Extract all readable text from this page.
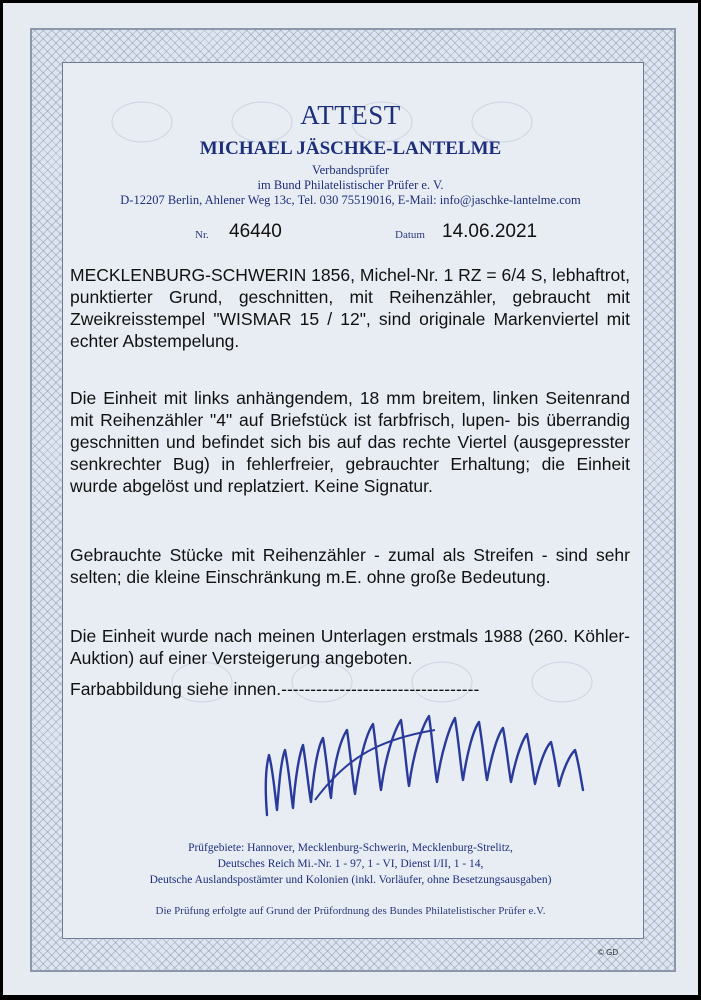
ATTEST
MICHAEL JÄSCHKE-LANTELME
Verbandsprüfer
im Bund Philatelistischer Prüfer e. V.
D-12207 Berlin, Ahlener Weg 13c, Tel. 030 75519016, E-Mail: info@jaschke-lantelme.com
Nr. 46440	Datum 14.06.2021

MECKLENBURG-SCHWERIN 1856, Michel-Nr. 1 RZ = 6/4 S, lebhaftrot, punktierter Grund, geschnitten, mit Reihenzähler, gebraucht mit Zweikreisstempel "WISMAR 15 / 12", sind originale Markenviertel mit echter Abstempelung.

Die Einheit mit links anhängendem, 18 mm breitem, linken Seitenrand mit Reihenzähler "4" auf Briefstück ist farbfrisch, lupen- bis überrandig geschnitten und befindet sich bis auf das rechte Viertel (ausgepresster senkrechter Bug) in fehlerfreier, gebrauchter Erhaltung; die Einheit wurde abgelöst und replatziert. Keine Signatur.

Gebrauchte Stücke mit Reihenzähler - zumal als Streifen - sind sehr selten; die kleine Einschränkung m.E. ohne große Bedeutung.

Die Einheit wurde nach meinen Unterlagen erstmals 1988 (260. Köhler-Auktion) auf einer Versteigerung angeboten.

Farbabbildung siehe innen.----------------------------------

Prüfgebiete: Hannover, Mecklenburg-Schwerin, Mecklenburg-Strelitz,
Deutsches Reich Mi.-Nr. 1 - 97, 1 - VI, Dienst I/II, 1 - 14,
Deutsche Auslandspostämter und Kolonien (inkl. Vorläufer, ohne Besetzungsausgaben)
Die Prüfung erfolgte auf Grund der Prüfordnung des Bundes Philatelistischer Prüfer e.V.
© GD
